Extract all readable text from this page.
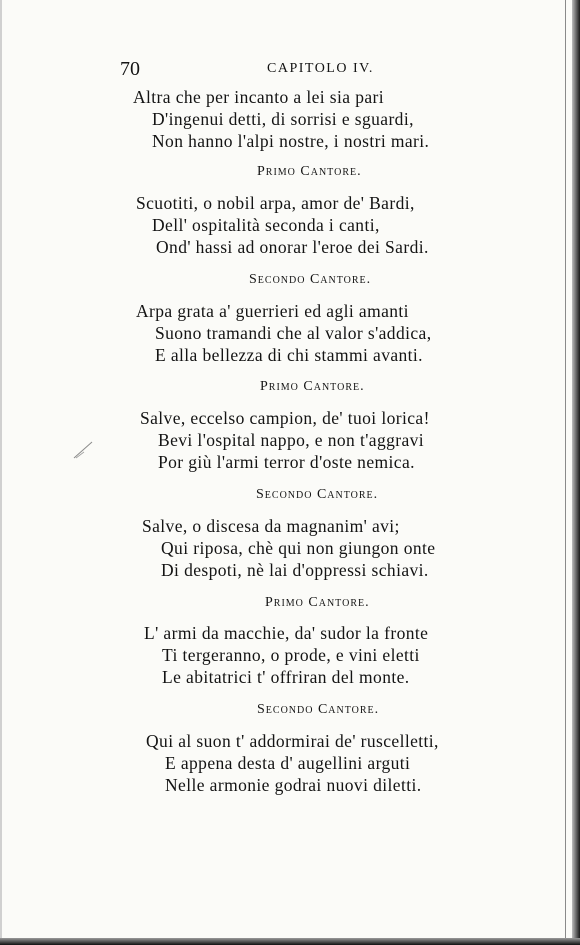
70	CAPITOLO IV.
Altra che per incanto a lei sia pari
D'ingenui detti, di sorrisi e sguardi,
Non hanno l'alpi nostre, i nostri mari.
Primo Cantore.
Scuotiti, o nobil arpa, amor de' Bardi,
Dell' ospitalità seconda i canti,
Ond' hassi ad onorar l'eroe dei Sardi.
Secondo Cantore.
Arpa grata a' guerrieri ed agli amanti
Suono tramandi che al valor s'addica,
E alla bellezza di chi stammi avanti.
Primo Cantore.
Salve, eccelso campion, de' tuoi lorica!
Bevi l'ospital nappo, e non t'aggravi
Por giù l'armi terror d'oste nemica.
Secondo Cantore.
Salve, o discesa da magnanim' avi;
Qui riposa, chè qui non giungon onte
Di despoti, nè lai d'oppressi schiavi.
Primo Cantore.
L' armi da macchie, da' sudor la fronte
Ti tergeranno, o prode, e vini eletti
Le abitatrici t' offriran del monte.
Secondo Cantore.
Qui al suon t' addormirai de' ruscelletti,
E appena desta d' augellini arguti
Nelle armonie godrai nuovi diletti.
